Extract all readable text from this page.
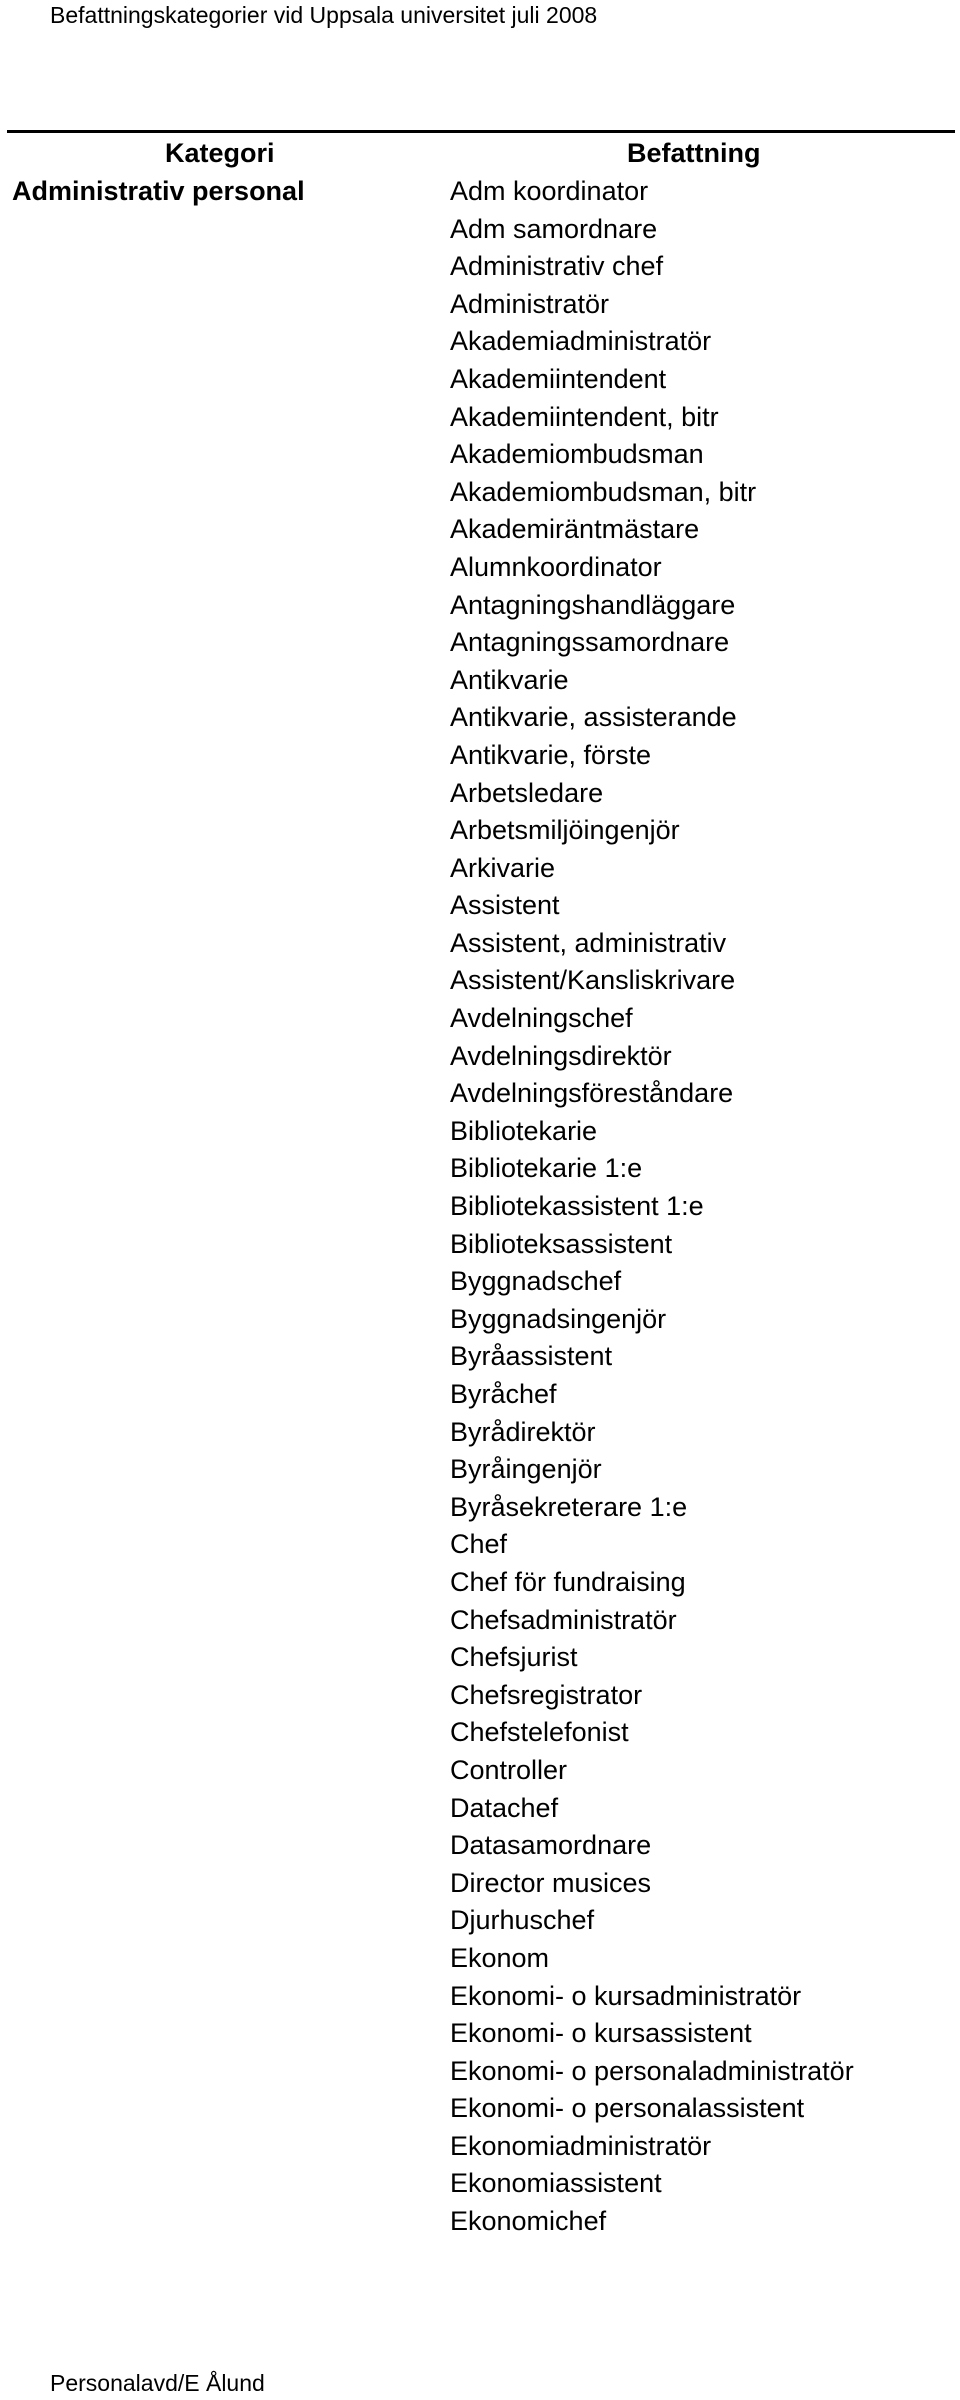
Befattningskategorier vid Uppsala universitet juli 2008
Kategori	Befattning
Administrativ personal	Adm koordinator
Adm samordnare
Administrativ chef
Administratör
Akademiadministratör
Akademiintendent
Akademiintendent, bitr
Akademiombudsman
Akademiombudsman, bitr
Akademiräntmästare
Alumnkoordinator
Antagningshandläggare
Antagningssamordnare
Antikvarie
Antikvarie, assisterande
Antikvarie, förste
Arbetsledare
Arbetsmiljöingenjör
Arkivarie
Assistent
Assistent, administrativ
Assistent/Kansliskrivare
Avdelningschef
Avdelningsdirektör
Avdelningsföreståndare
Bibliotekarie
Bibliotekarie 1:e
Bibliotekassistent 1:e
Biblioteksassistent
Byggnadschef
Byggnadsingenjör
Byråassistent
Byråchef
Byrådirektör
Byråingenjör
Byråsekreterare 1:e
Chef
Chef för fundraising
Chefsadministratör
Chefsjurist
Chefsregistrator
Chefstelefonist
Controller
Datachef
Datasamordnare
Director musices
Djurhuschef
Ekonom
Ekonomi- o kursadministratör
Ekonomi- o kursassistent
Ekonomi- o personaladministratör
Ekonomi- o personalassistent
Ekonomiadministratör
Ekonomiassistent
Ekonomichef
Personalavd/E Ålund
